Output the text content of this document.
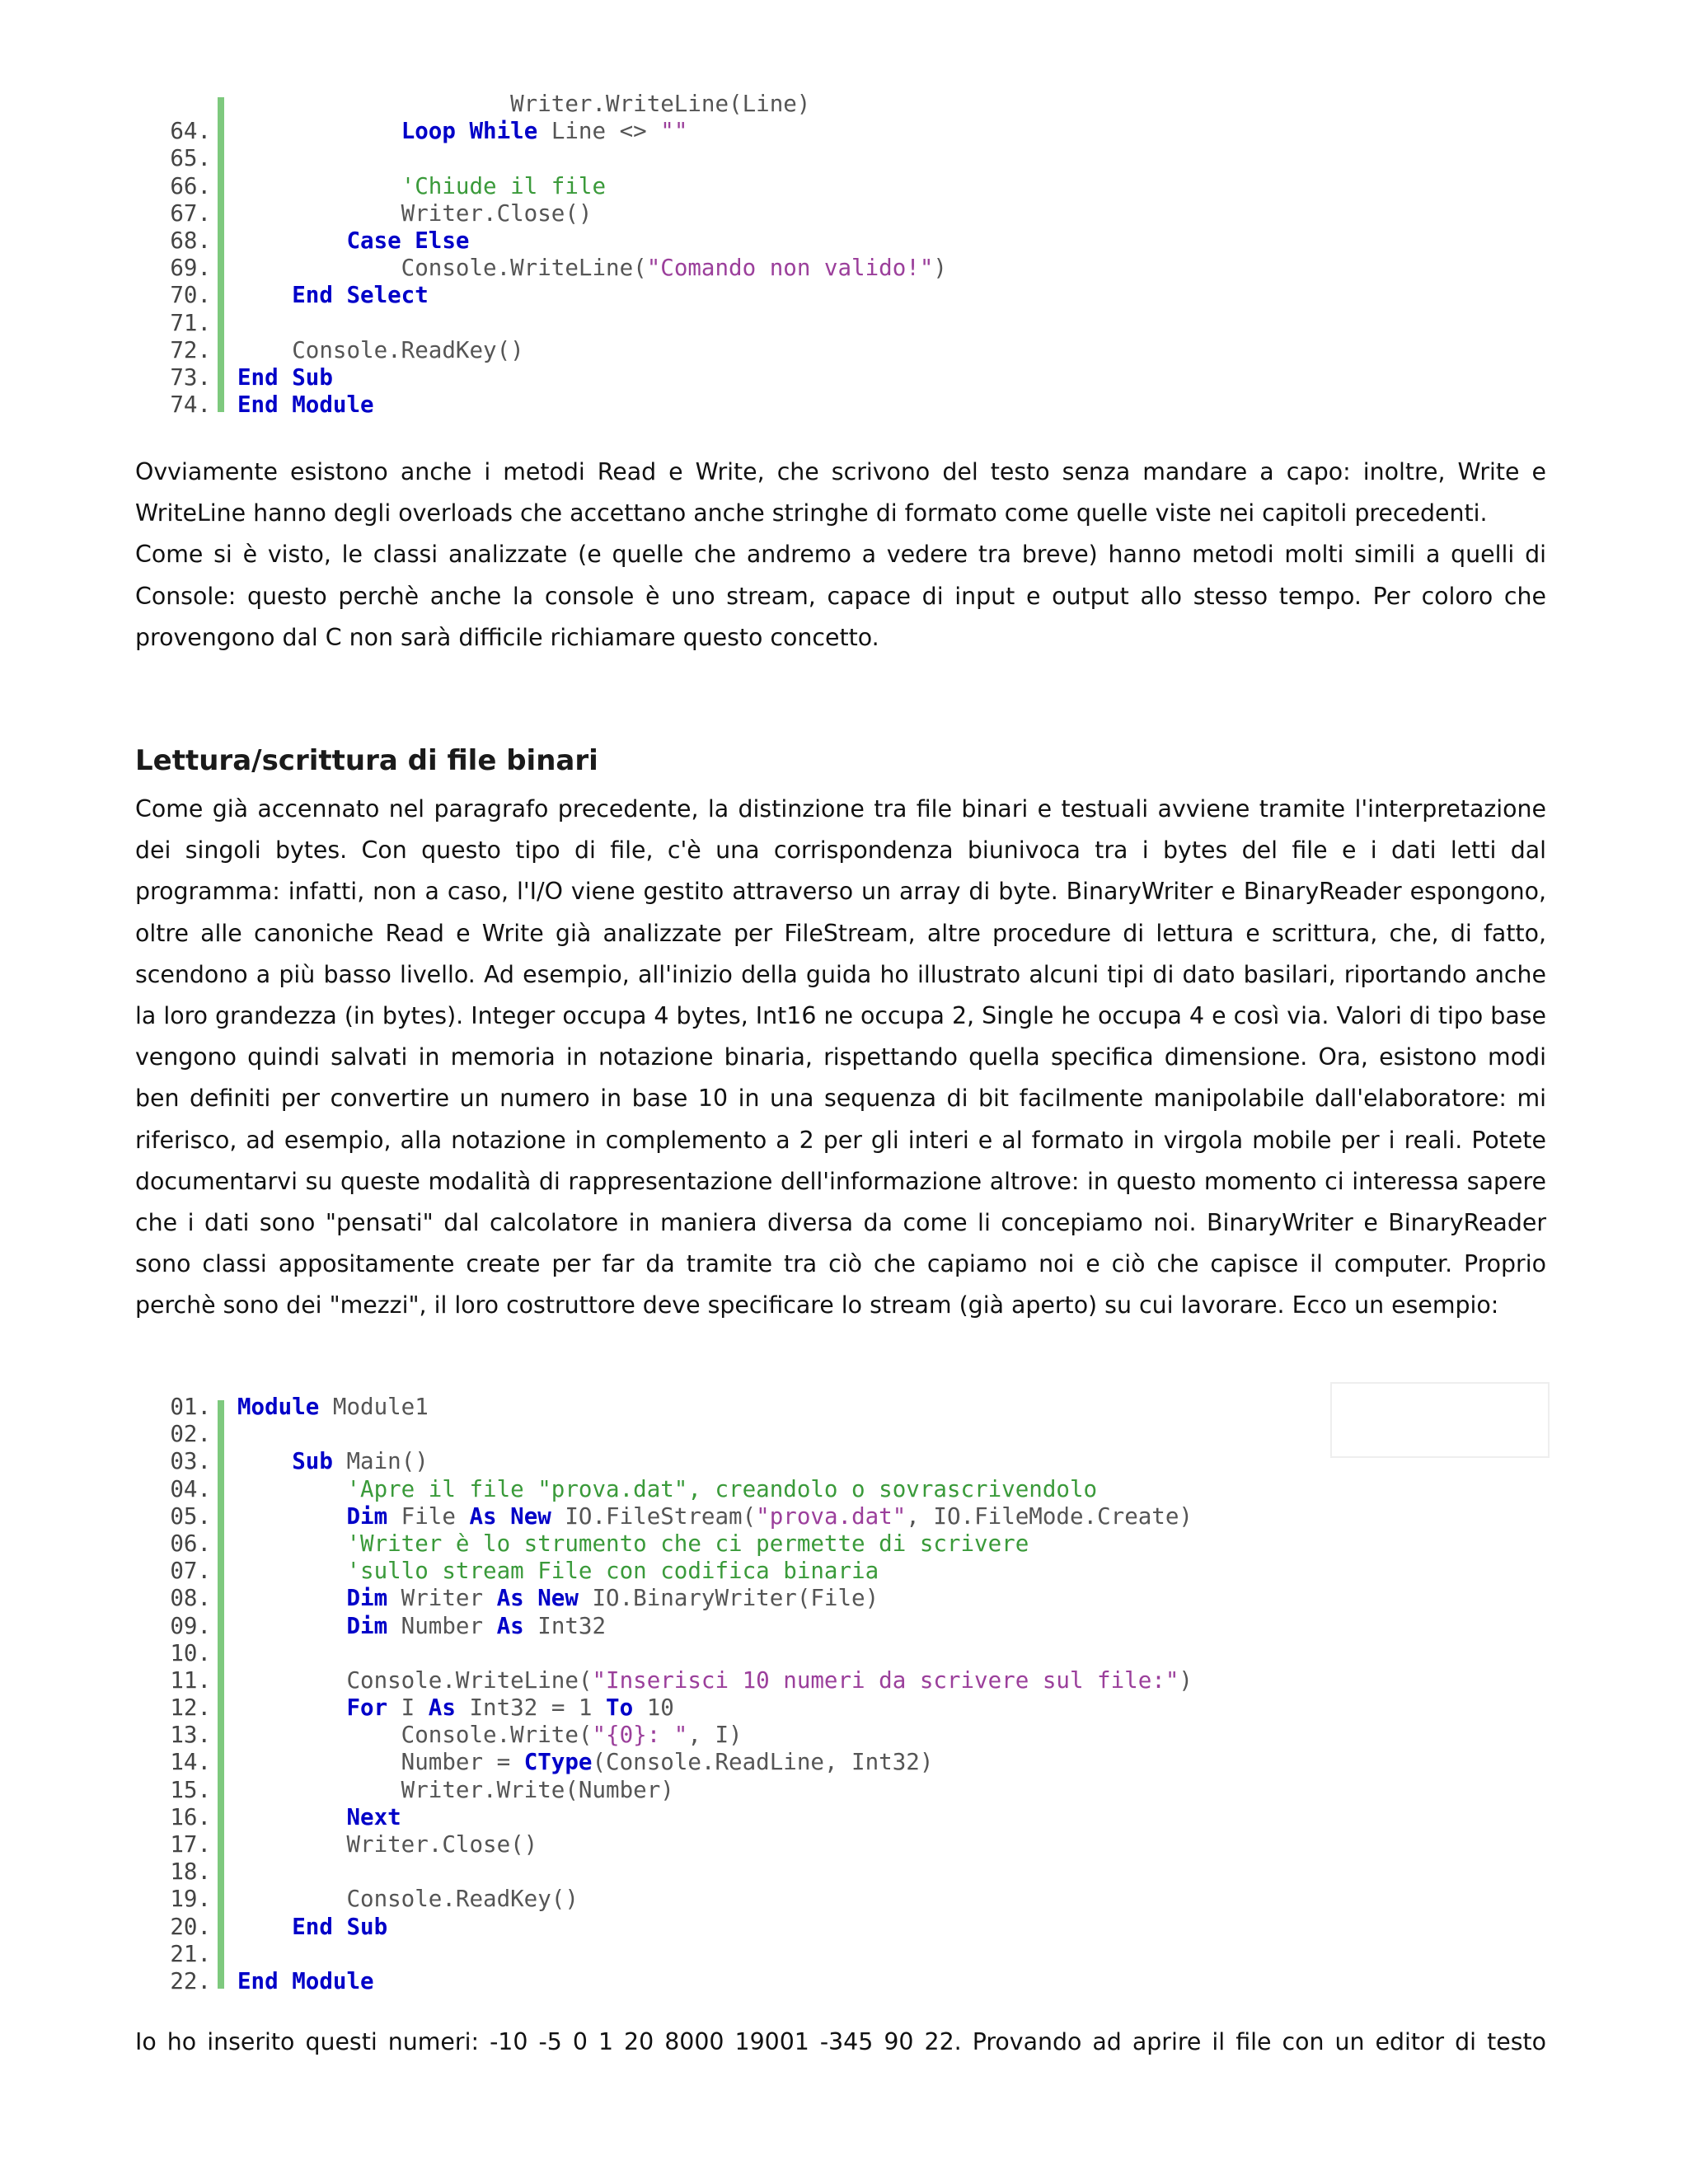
Writer.WriteLine(Line)
64.	Loop While Line <> ""
65.
66.	'Chiude il file
67.	Writer.Close()
68.	Case Else
69.	Console.WriteLine("Comando non valido!")
70.	End Select
71.
72.	Console.ReadKey()
73.	End Sub
74.	End Module

Ovviamente esistono anche i metodi Read e Write, che scrivono del testo senza mandare a capo: inoltre, Write e WriteLine hanno degli overloads che accettano anche stringhe di formato come quelle viste nei capitoli precedenti.

Come si è visto, le classi analizzate (e quelle che andremo a vedere tra breve) hanno metodi molti simili a quelli di Console: questo perchè anche la console è uno stream, capace di input e output allo stesso tempo. Per coloro che provengono dal C non sarà difficile richiamare questo concetto.

Lettura/scrittura di file binari

Come già accennato nel paragrafo precedente, la distinzione tra file binari e testuali avviene tramite l'interpretazione dei singoli bytes. Con questo tipo di file, c'è una corrispondenza biunivoca tra i bytes del file e i dati letti dal programma: infatti, non a caso, l'I/O viene gestito attraverso un array di byte. BinaryWriter e BinaryReader espongono, oltre alle canoniche Read e Write già analizzate per FileStream, altre procedure di lettura e scrittura, che, di fatto, scendono a più basso livello. Ad esempio, all'inizio della guida ho illustrato alcuni tipi di dato basilari, riportando anche la loro grandezza (in bytes). Integer occupa 4 bytes, Int16 ne occupa 2, Single he occupa 4 e così via. Valori di tipo base vengono quindi salvati in memoria in notazione binaria, rispettando quella specifica dimensione. Ora, esistono modi ben definiti per convertire un numero in base 10 in una sequenza di bit facilmente manipolabile dall'elaboratore: mi riferisco, ad esempio, alla notazione in complemento a 2 per gli interi e al formato in virgola mobile per i reali. Potete documentarvi su queste modalità di rappresentazione dell'informazione altrove: in questo momento ci interessa sapere che i dati sono "pensati" dal calcolatore in maniera diversa da come li concepiamo noi. BinaryWriter e BinaryReader sono classi appositamente create per far da tramite tra ciò che capiamo noi e ciò che capisce il computer. Proprio perchè sono dei "mezzi", il loro costruttore deve specificare lo stream (già aperto) su cui lavorare. Ecco un esempio:

01.	Module Module1
02.
03.	Sub Main()
04.	'Apre il file "prova.dat", creandolo o sovrascrivendolo
05.	Dim File As New IO.FileStream("prova.dat", IO.FileMode.Create)
06.	'Writer è lo strumento che ci permette di scrivere
07.	'sullo stream File con codifica binaria
08.	Dim Writer As New IO.BinaryWriter(File)
09.	Dim Number As Int32
10.
11.	Console.WriteLine("Inserisci 10 numeri da scrivere sul file:")
12.	For I As Int32 = 1 To 10
13.	Console.Write("{0}: ", I)
14.	Number = CType(Console.ReadLine, Int32)
15.	Writer.Write(Number)
16.	Next
17.	Writer.Close()
18.
19.	Console.ReadKey()
20.	End Sub
21.
22.	End Module

Io ho inserito questi numeri: -10 -5 0 1 20 8000 19001 -345 90 22. Provando ad aprire il file con un editor di testo
